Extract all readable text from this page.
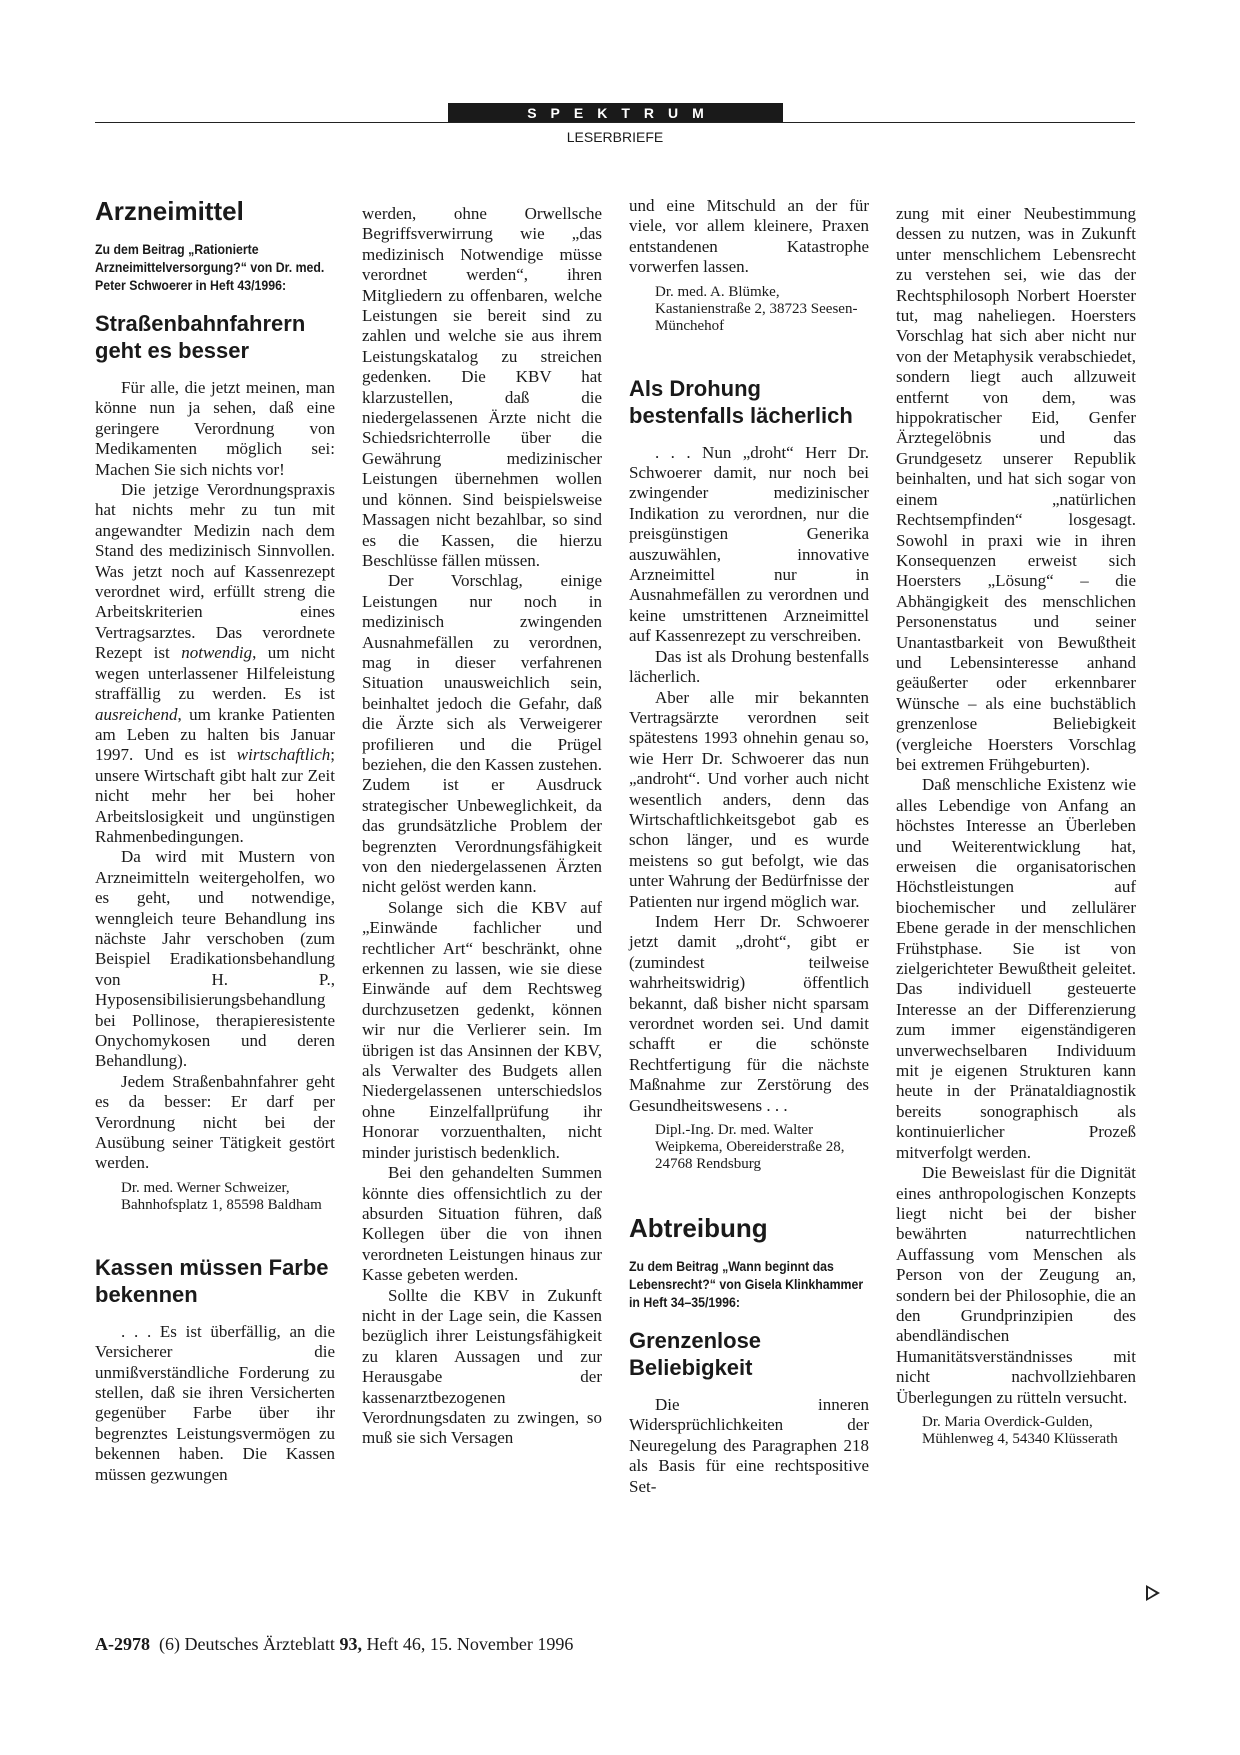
SPEKTRUM
LESERBRIEFE
Arzneimittel
Zu dem Beitrag „Rationierte Arzneimittelversorgung?“ von Dr. med. Peter Schwoerer in Heft 43/1996:
Straßenbahnfahrern geht es besser

Für alle, die jetzt meinen, man könne nun ja sehen, daß eine geringere Verordnung von Medikamenten möglich sei: Machen Sie sich nichts vor!

Die jetzige Verordnungspraxis hat nichts mehr zu tun mit angewandter Medizin nach dem Stand des medizinisch Sinnvollen. Was jetzt noch auf Kassenrezept verordnet wird, erfüllt streng die Arbeitskriterien eines Vertragsarztes. Das verordnete Rezept ist notwendig, um nicht wegen unterlassener Hilfeleistung straffällig zu werden. Es ist ausreichend, um kranke Patienten am Leben zu halten bis Januar 1997. Und es ist wirtschaftlich; unsere Wirtschaft gibt halt zur Zeit nicht mehr her bei hoher Arbeitslosigkeit und ungünstigen Rahmenbedingungen.

Da wird mit Mustern von Arzneimitteln weitergeholfen, wo es geht, und notwendige, wenngleich teure Behandlung ins nächste Jahr verschoben (zum Beispiel Eradikationsbehandlung von H. P., Hyposensibilisierungsbehandlung bei Pollinose, therapieresistente Onychomykosen und deren Behandlung).

Jedem Straßenbahnfahrer geht es da besser: Er darf per Verordnung nicht bei der Ausübung seiner Tätigkeit gestört werden.

Dr. med. Werner Schweizer, Bahnhofsplatz 1, 85598 Baldham
Kassen müssen Farbe bekennen

. . . Es ist überfällig, an die Versicherer die unmißverständliche Forderung zu stellen, daß sie ihren Versicherten gegenüber Farbe über ihr begrenztes Leistungsvermögen zu bekennen haben. Die Kassen müssen gezwungen

werden, ohne Orwellsche Begriffsverwirrung wie „das medizinisch Notwendige müsse verordnet werden“, ihren Mitgliedern zu offenbaren, welche Leistungen sie bereit sind zu zahlen und welche sie aus ihrem Leistungskatalog zu streichen gedenken. Die KBV hat klarzustellen, daß die niedergelassenen Ärzte nicht die Schiedsrichterrolle über die Gewährung medizinischer Leistungen übernehmen wollen und können. Sind beispielsweise Massagen nicht bezahlbar, so sind es die Kassen, die hierzu Beschlüsse fällen müssen.

Der Vorschlag, einige Leistungen nur noch in medizinisch zwingenden Ausnahmefällen zu verordnen, mag in dieser verfahrenen Situation unausweichlich sein, beinhaltet jedoch die Gefahr, daß die Ärzte sich als Verweigerer profilieren und die Prügel beziehen, die den Kassen zustehen. Zudem ist er Ausdruck strategischer Unbeweglichkeit, da das grundsätzliche Problem der begrenzten Verordnungsfähigkeit von den niedergelassenen Ärzten nicht gelöst werden kann.

Solange sich die KBV auf „Einwände fachlicher und rechtlicher Art“ beschränkt, ohne erkennen zu lassen, wie sie diese Einwände auf dem Rechtsweg durchzusetzen gedenkt, können wir nur die Verlierer sein. Im übrigen ist das Ansinnen der KBV, als Verwalter des Budgets allen Niedergelassenen unterschiedslos ohne Einzelfallprüfung ihr Honorar vorzuenthalten, nicht minder juristisch bedenklich.

Bei den gehandelten Summen könnte dies offensichtlich zu der absurden Situation führen, daß Kollegen über die von ihnen verordneten Leistungen hinaus zur Kasse gebeten werden.

Sollte die KBV in Zukunft nicht in der Lage sein, die Kassen bezüglich ihrer Leistungsfähigkeit zu klaren Aussagen und zur Herausgabe der kassenarztbezogenen Verordnungsdaten zu zwingen, so muß sie sich Versagen

und eine Mitschuld an der für viele, vor allem kleinere, Praxen entstandenen Katastrophe vorwerfen lassen.

Dr. med. A. Blümke, Kastanienstraße 2, 38723 Seesen-Münchehof
Als Drohung bestenfalls lächerlich

. . . Nun „droht“ Herr Dr. Schwoerer damit, nur noch bei zwingender medizinischer Indikation zu verordnen, nur die preisgünstigen Generika auszuwählen, innovative Arzneimittel nur in Ausnahmefällen zu verordnen und keine umstrittenen Arzneimittel auf Kassenrezept zu verschreiben.

Das ist als Drohung bestenfalls lächerlich.

Aber alle mir bekannten Vertragsärzte verordnen seit spätestens 1993 ohnehin genau so, wie Herr Dr. Schwoerer das nun „androht“. Und vorher auch nicht wesentlich anders, denn das Wirtschaftlichkeitsgebot gab es schon länger, und es wurde meistens so gut befolgt, wie das unter Wahrung der Bedürfnisse der Patienten nur irgend möglich war.

Indem Herr Dr. Schwoerer jetzt damit „droht“, gibt er (zumindest teilweise wahrheitswidrig) öffentlich bekannt, daß bisher nicht sparsam verordnet worden sei. Und damit schafft er die schönste Rechtfertigung für die nächste Maßnahme zur Zerstörung des Gesundheitswesens . . .

Dipl.-Ing. Dr. med. Walter Weipkema, Obereiderstraße 28, 24768 Rendsburg
Abtreibung
Zu dem Beitrag „Wann beginnt das Lebensrecht?“ von Gisela Klinkhammer in Heft 34–35/1996:
Grenzenlose Beliebigkeit

Die inneren Widersprüchlichkeiten der Neuregelung des Paragraphen 218 als Basis für eine rechtspositive Set-

zung mit einer Neubestimmung dessen zu nutzen, was in Zukunft unter menschlichem Lebensrecht zu verstehen sei, wie das der Rechtsphilosoph Norbert Hoerster tut, mag naheliegen. Hoersters Vorschlag hat sich aber nicht nur von der Metaphysik verabschiedet, sondern liegt auch allzuweit entfernt von dem, was hippokratischer Eid, Genfer Ärztegelöbnis und das Grundgesetz unserer Republik beinhalten, und hat sich sogar von einem „natürlichen Rechtsempfinden“ losgesagt. Sowohl in praxi wie in ihren Konsequenzen erweist sich Hoersters „Lösung“ – die Abhängigkeit des menschlichen Personenstatus und seiner Unantastbarkeit von Bewußtheit und Lebensinteresse anhand geäußerter oder erkennbarer Wünsche – als eine buchstäblich grenzenlose Beliebigkeit (vergleiche Hoersters Vorschlag bei extremen Frühgeburten).

Daß menschliche Existenz wie alles Lebendige von Anfang an höchstes Interesse an Überleben und Weiterentwicklung hat, erweisen die organisatorischen Höchstleistungen auf biochemischer und zellulärer Ebene gerade in der menschlichen Frühstphase. Sie ist von zielgerichteter Bewußtheit geleitet. Das individuell gesteuerte Interesse an der Differenzierung zum immer eigenständigeren unverwechselbaren Individuum mit je eigenen Strukturen kann heute in der Pränataldiagnostik bereits sonographisch als kontinuierlicher Prozeß mitverfolgt werden.

Die Beweislast für die Dignität eines anthropologischen Konzepts liegt nicht bei der bisher bewährten naturrechtlichen Auffassung vom Menschen als Person von der Zeugung an, sondern bei der Philosophie, die an den Grundprinzipien des abendländischen Humanitätsverständnisses mit nicht nachvollziehbaren Überlegungen zu rütteln versucht.

Dr. Maria Overdick-Gulden, Mühlenweg 4, 54340 Klüsserath
A-2978 (6) Deutsches Ärzteblatt 93, Heft 46, 15. November 1996
